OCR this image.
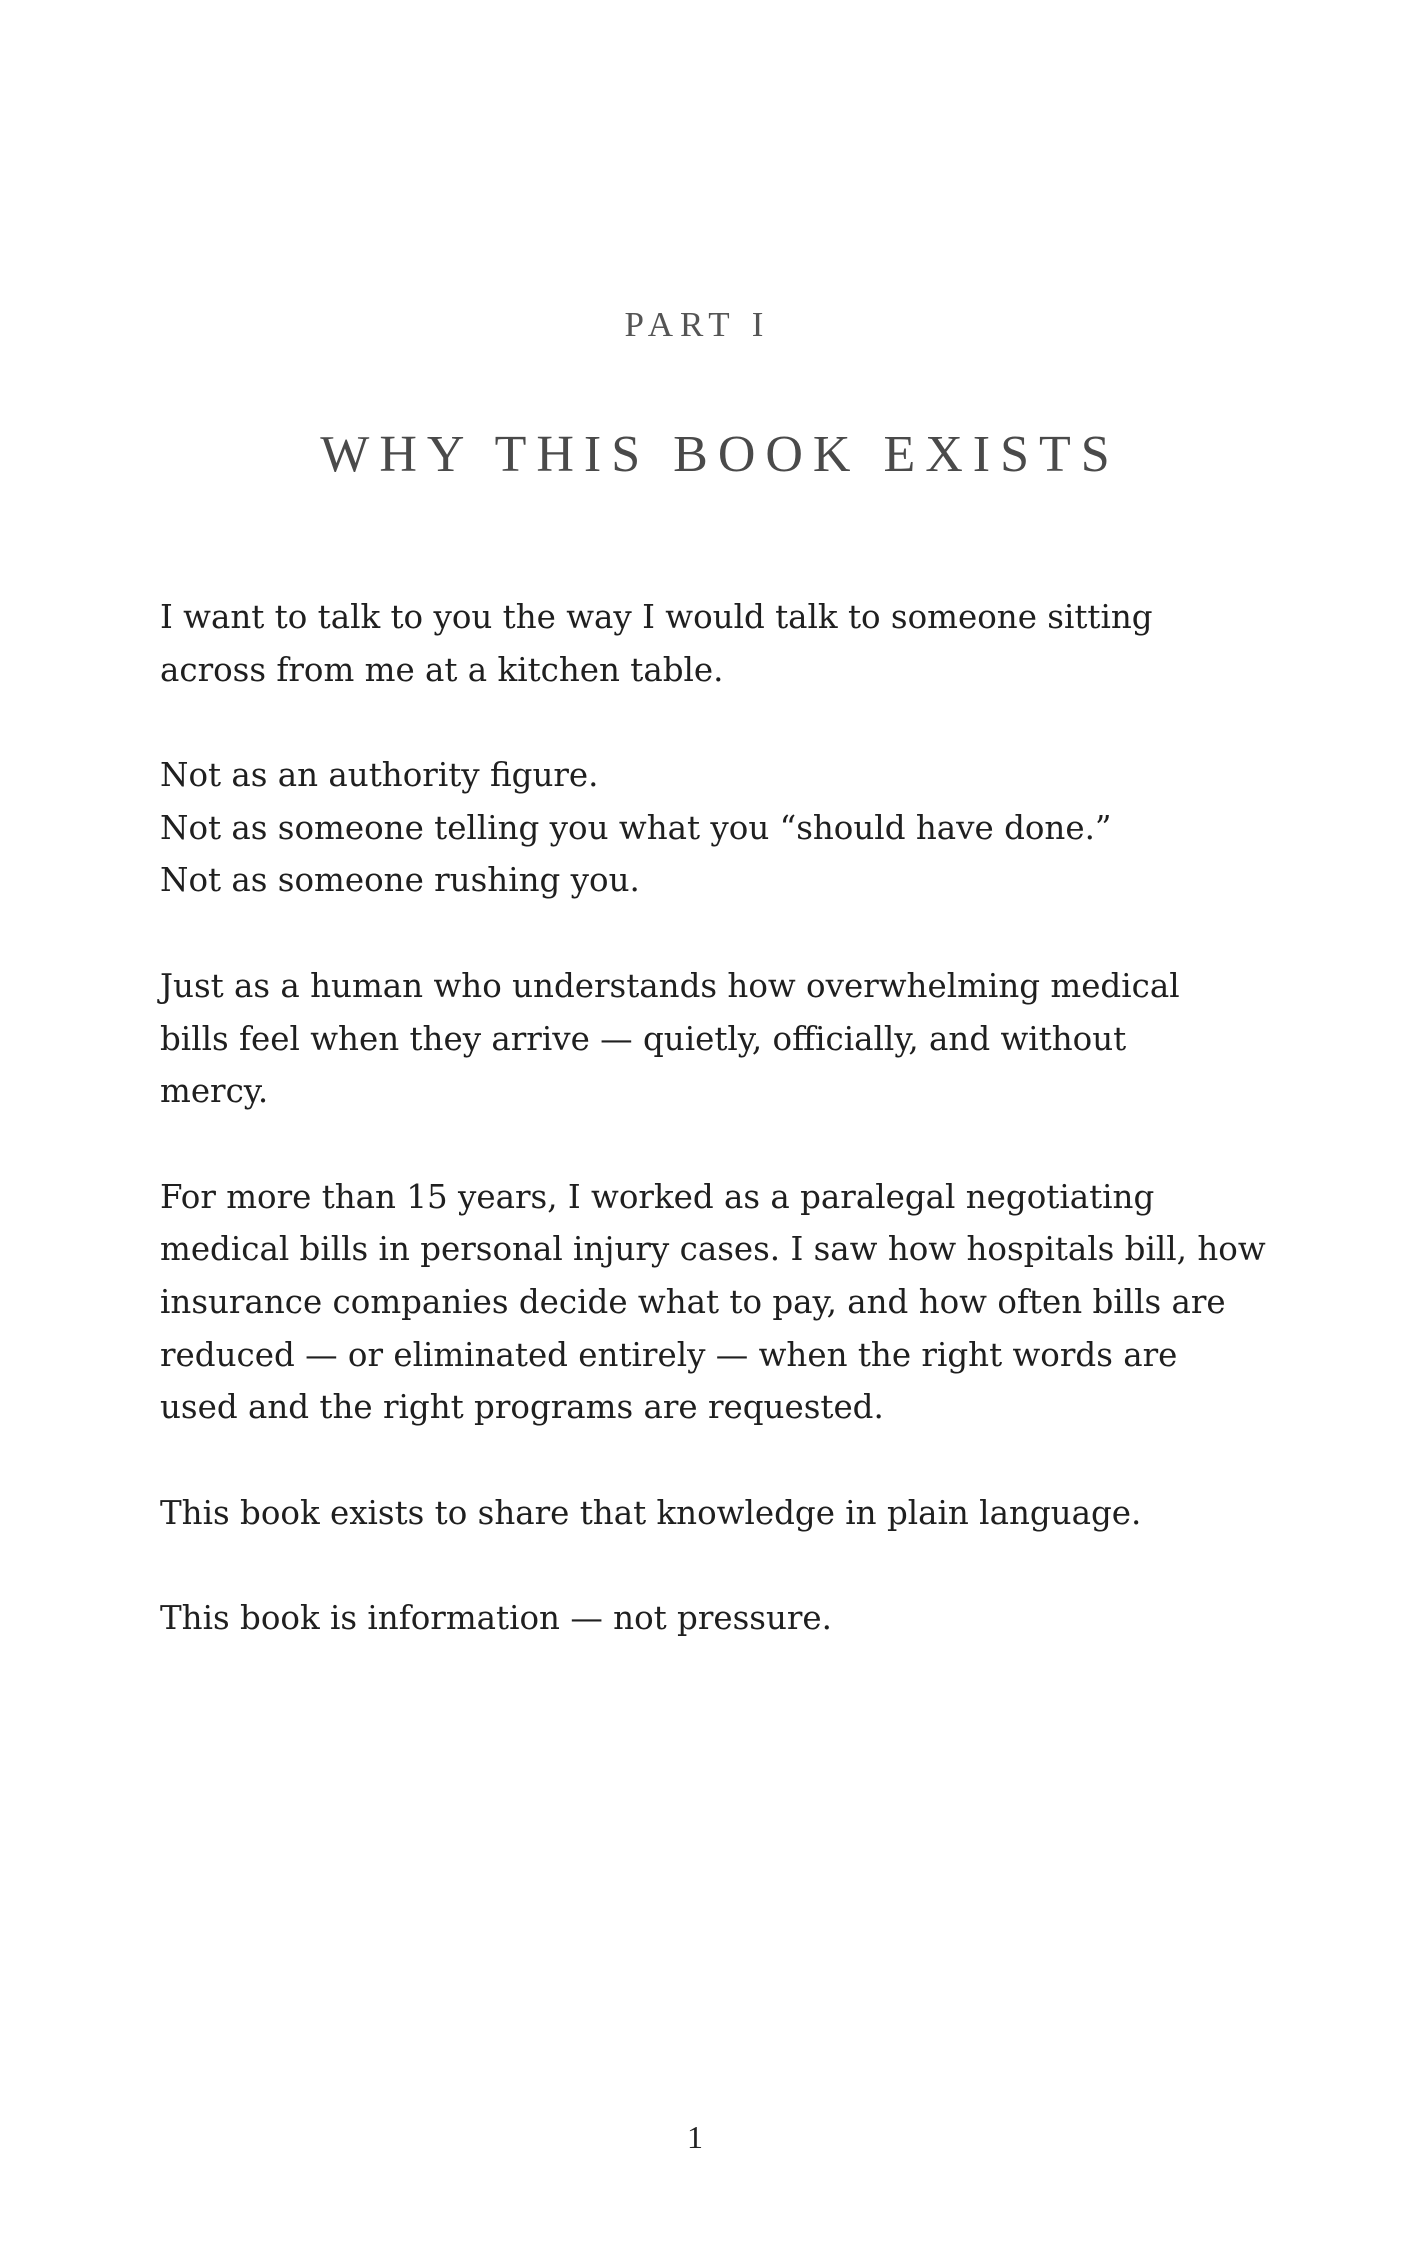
PART I
WHY THIS BOOK EXISTS

I want to talk to you the way I would talk to someone sitting
across from me at a kitchen table.

Not as an authority figure.
Not as someone telling you what you “should have done.”
Not as someone rushing you.

Just as a human who understands how overwhelming medical
bills feel when they arrive — quietly, officially, and without
mercy.

For more than 15 years, I worked as a paralegal negotiating
medical bills in personal injury cases. I saw how hospitals bill, how
insurance companies decide what to pay, and how often bills are
reduced — or eliminated entirely — when the right words are
used and the right programs are requested.

This book exists to share that knowledge in plain language.

This book is information — not pressure.

1
